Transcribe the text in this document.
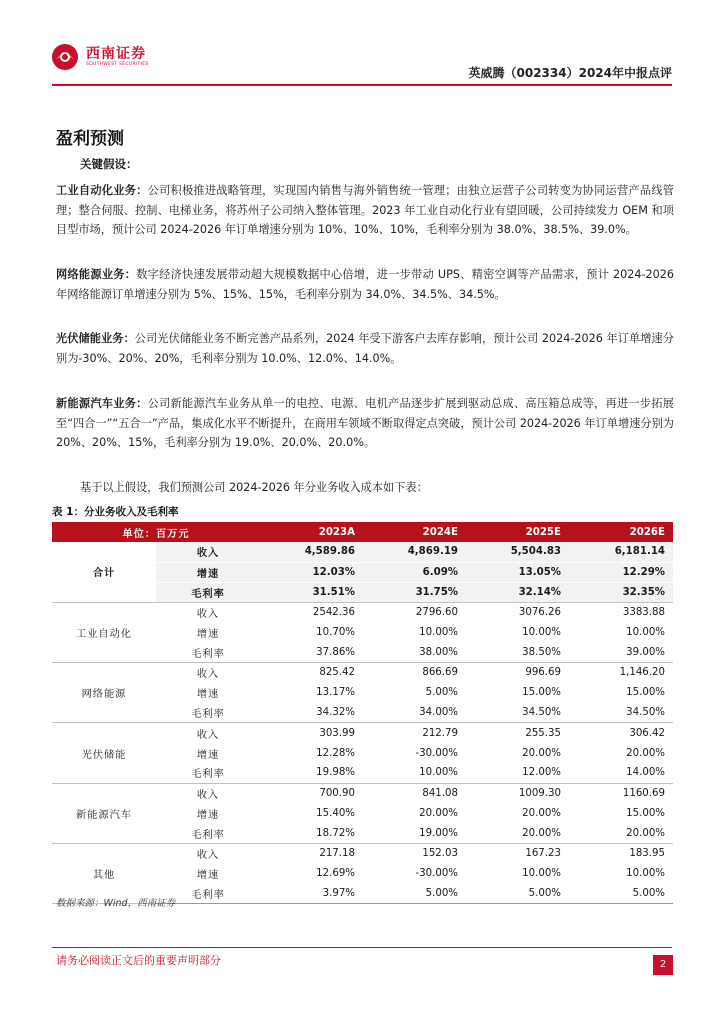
西南证券
SOUTHWEST SECURITIES
英威腾（002334）2024年中报点评
盈利预测
关键假设：
工业自动化业务：公司积极推进战略管理，实现国内销售与海外销售统一管理；由独立运营子公司转变为协同运营产品线管理；整合伺服、控制、电梯业务，将苏州子公司纳入整体管理。2023 年工业自动化行业有望回暖，公司持续发力 OEM 和项目型市场，预计公司 2024-2026 年订单增速分别为 10%、10%、10%，毛利率分别为 38.0%、38.5%、39.0%。
网络能源业务：数字经济快速发展带动超大规模数据中心倍增，进一步带动 UPS、精密空调等产品需求，预计 2024-2026 年网络能源订单增速分别为 5%、15%、15%，毛利率分别为 34.0%、34.5%、34.5%。
光伏储能业务：公司光伏储能业务不断完善产品系列，2024 年受下游客户去库存影响，预计公司 2024-2026 年订单增速分别为-30%、20%、20%，毛利率分别为 10.0%、12.0%、14.0%。
新能源汽车业务：公司新能源汽车业务从单一的电控、电源、电机产品逐步扩展到驱动总成、高压箱总成等，再进一步拓展至“四合一”“五合一”产品，集成化水平不断提升，在商用车领域不断取得定点突破，预计公司 2024-2026 年订单增速分别为 20%、20%、15%，毛利率分别为 19.0%、20.0%、20.0%。
基于以上假设，我们预测公司 2024-2026 年分业务收入成本如下表：
表 1：分业务收入及毛利率
单位：百万元		2023A	2024E	2025E	2026E
合计	收入	4,589.86	4,869.19	5,504.83	6,181.14
	增速	12.03%	6.09%	13.05%	12.29%
	毛利率	31.51%	31.75%	32.14%	32.35%
工业自动化	收入	2542.36	2796.60	3076.26	3383.88
	增速	10.70%	10.00%	10.00%	10.00%
	毛利率	37.86%	38.00%	38.50%	39.00%
网络能源	收入	825.42	866.69	996.69	1,146.20
	增速	13.17%	5.00%	15.00%	15.00%
	毛利率	34.32%	34.00%	34.50%	34.50%
光伏储能	收入	303.99	212.79	255.35	306.42
	增速	12.28%	-30.00%	20.00%	20.00%
	毛利率	19.98%	10.00%	12.00%	14.00%
新能源汽车	收入	700.90	841.08	1009.30	1160.69
	增速	15.40%	20.00%	20.00%	15.00%
	毛利率	18.72%	19.00%	20.00%	20.00%
其他	收入	217.18	152.03	167.23	183.95
	增速	12.69%	-30.00%	10.00%	10.00%
	毛利率	3.97%	5.00%	5.00%	5.00%
数据来源：Wind，西南证券
请务必阅读正文后的重要声明部分	2
